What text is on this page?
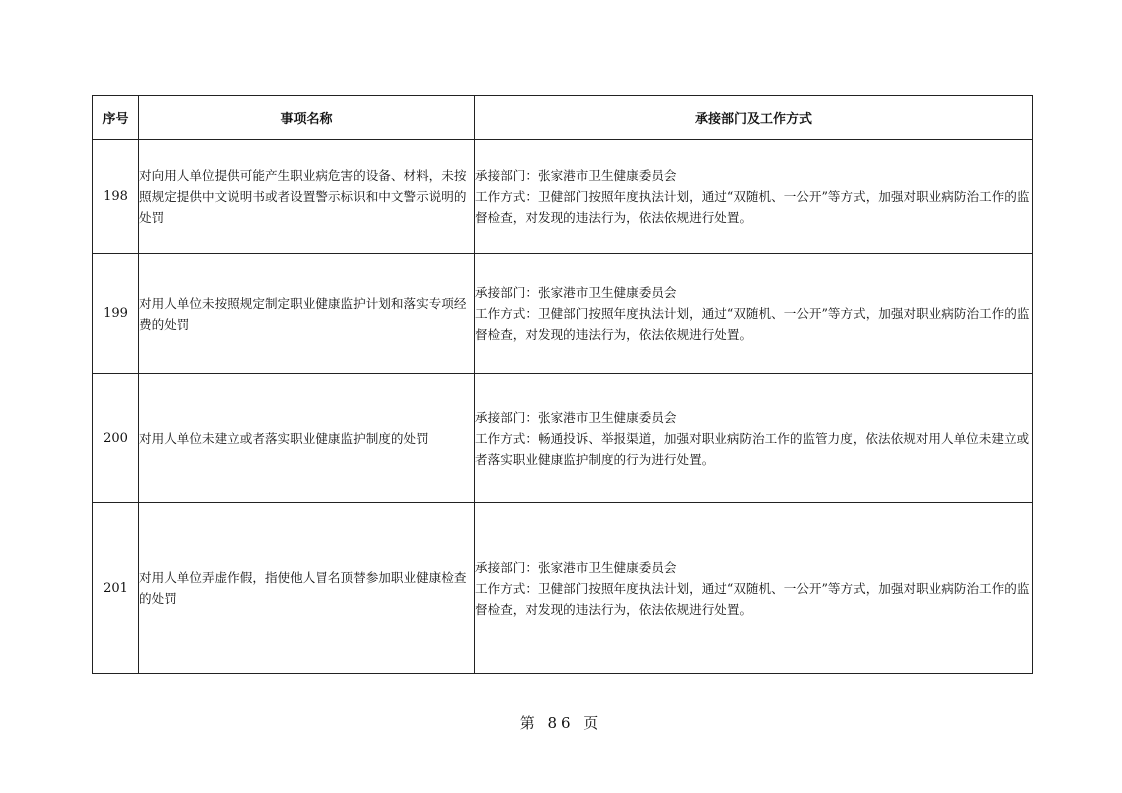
序号	事项名称	承接部门及工作方式
198	对向用人单位提供可能产生职业病危害的设备、材料，未按照规定提供中文说明书或者设置警示标识和中文警示说明的处罚	承接部门：张家港市卫生健康委员会
工作方式：卫健部门按照年度执法计划，通过“双随机、一公开”等方式，加强对职业病防治工作的监督检查，对发现的违法行为，依法依规进行处置。

199	对用人单位未按照规定制定职业健康监护计划和落实专项经费的处罚	承接部门：张家港市卫生健康委员会
工作方式：卫健部门按照年度执法计划，通过“双随机、一公开”等方式，加强对职业病防治工作的监督检查，对发现的违法行为，依法依规进行处置。

200	对用人单位未建立或者落实职业健康监护制度的处罚	承接部门：张家港市卫生健康委员会
工作方式：畅通投诉、举报渠道，加强对职业病防治工作的监管力度，依法依规对用人单位未建立或者落实职业健康监护制度的行为进行处置。

201	对用人单位弄虚作假，指使他人冒名顶替参加职业健康检查的处罚	承接部门：张家港市卫生健康委员会
工作方式：卫健部门按照年度执法计划，通过“双随机、一公开”等方式，加强对职业病防治工作的监督检查，对发现的违法行为，依法依规进行处置。
第 86 页
